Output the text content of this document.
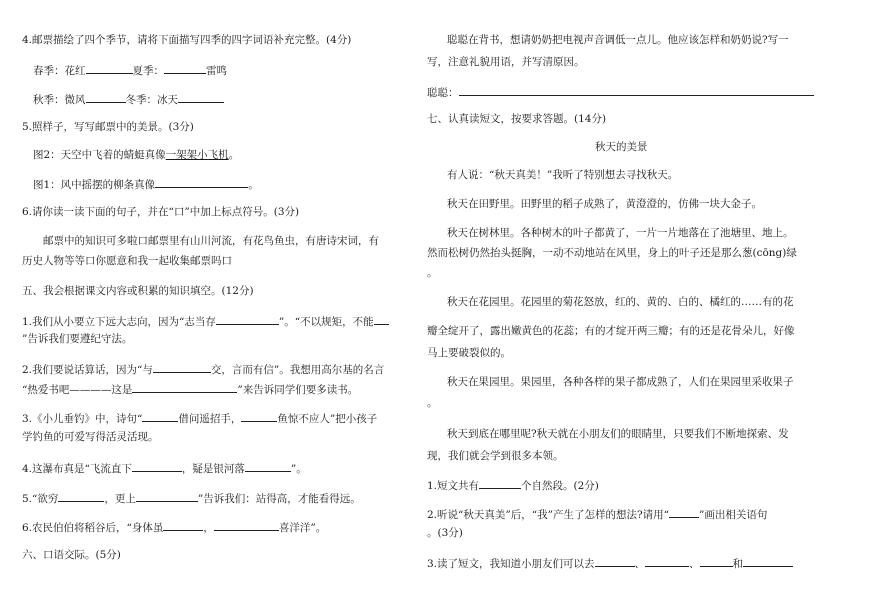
4.邮票描绘了四个季节，请将下面描写四季的四字词语补充完整。(4分)
春季：花红	夏季：	雷鸣
秋季：微风	冬季：冰天
5.照样子，写写邮票中的美景。(3分)
图2：天空中飞着的蜻蜓真像一架架小飞机。
图1：风中摇摆的柳条真像	。
6.请你读一读下面的句子，并在“口”中加上标点符号。(3分)
邮票中的知识可多啦口邮票里有山川河流，有花鸟鱼虫，有唐诗宋词，有
历史人物等等口你愿意和我一起收集邮票吗口
五、我会根据课文内容或积累的知识填空。(12分)
1.我们从小要立下远大志向，因为“志当存	”。“不以规矩，不能
”告诉我们要遵纪守法。
2.我们要说话算话，因为“与	交，言而有信”。我想用高尔基的名言
“热爱书吧————这是	”来告诉同学们要多读书。
3.《小儿垂钓》中，诗句“	借问遥招手，	鱼惊不应人”把小孩子
学钓鱼的可爱写得活灵活现。
4.这瀑布真是“飞流直下	，疑是银河落	”。
5.“欲穷	，更上	”告诉我们：站得高，才能看得远。
6.农民伯伯将稻谷后，“身体虽	，	喜洋洋”。
六、口语交际。(5分)
聪聪在背书，想请奶奶把电视声音调低一点儿。他应该怎样和奶奶说?写一
写，注意礼貌用语，并写清原因。
聪聪：
七、认真读短文，按要求答题。(14分)
秋天的美景
有人说：“秋天真美！”我听了特别想去寻找秋天。
秋天在田野里。田野里的稻子成熟了，黄澄澄的，仿佛一块大金子。
秋天在树林里。各种树木的叶子都黄了，一片一片地落在了池塘里、地上。
然而松树仍然抬头挺胸，一动不动地站在风里，身上的叶子还是那么葱(cōng)绿
。
秋天在花园里。花园里的菊花怒放，红的、黄的、白的、橘红的……有的花
瓣全绽开了，露出嫩黄色的花蕊；有的才绽开两三瓣；有的还是花骨朵儿，好像
马上要破裂似的。
秋天在果园里。果园里，各种各样的果子都成熟了，人们在果园里采收果子
。
秋天到底在哪里呢?秋天就在小朋友们的眼睛里，只要我们不断地探索、发
现，我们就会学到很多本领。
1.短文共有	个自然段。(2分)
2.听说“秋天真美”后，“我”产生了怎样的想法?请用“	”画出相关语句
。(3分)
3.读了短文，我知道小朋友们可以去	、	、	和
